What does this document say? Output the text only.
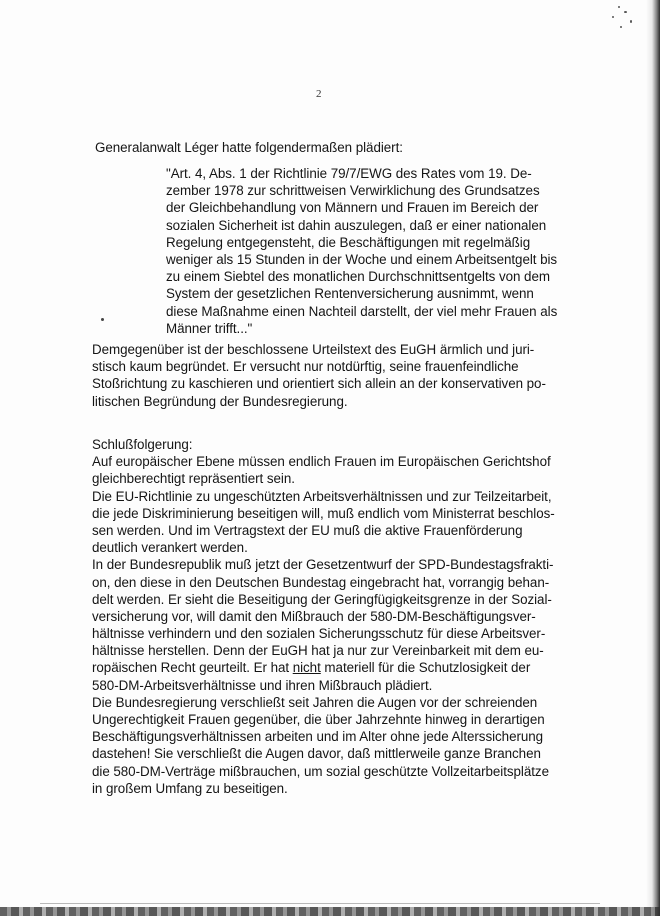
2
Generalanwalt Léger hatte folgendermaßen plädiert:
"Art. 4, Abs. 1 der Richtlinie 79/7/EWG des Rates vom 19. De-
zember 1978 zur schrittweisen Verwirklichung des Grundsatzes
der Gleichbehandlung von Männern und Frauen im Bereich der
sozialen Sicherheit ist dahin auszulegen, daß er einer nationalen
Regelung entgegensteht, die Beschäftigungen mit regelmäßig
weniger als 15 Stunden in der Woche und einem Arbeitsentgelt bis
zu einem Siebtel des monatlichen Durchschnittsentgelts von dem
System der gesetzlichen Rentenversicherung ausnimmt, wenn
diese Maßnahme einen Nachteil darstellt, der viel mehr Frauen als
Männer trifft..."
Demgegenüber ist der beschlossene Urteilstext des EuGH ärmlich und juri-
stisch kaum begründet. Er versucht nur notdürftig, seine frauenfeindliche
Stoßrichtung zu kaschieren und orientiert sich allein an der konservativen po-
litischen Begründung der Bundesregierung.
Schlußfolgerung:
Auf europäischer Ebene müssen endlich Frauen im Europäischen Gerichtshof
gleichberechtigt repräsentiert sein.
Die EU-Richtlinie zu ungeschützten Arbeitsverhältnissen und zur Teilzeitarbeit,
die jede Diskriminierung beseitigen will, muß endlich vom Ministerrat beschlos-
sen werden. Und im Vertragstext der EU muß die aktive Frauenförderung
deutlich verankert werden.
In der Bundesrepublik muß jetzt der Gesetzentwurf der SPD-Bundestagsfrakti-
on, den diese in den Deutschen Bundestag eingebracht hat, vorrangig behan-
delt werden. Er sieht die Beseitigung der Geringfügigkeitsgrenze in der Sozial-
versicherung vor, will damit den Mißbrauch der 580-DM-Beschäftigungsver-
hältnisse verhindern und den sozialen Sicherungsschutz für diese Arbeitsver-
hältnisse herstellen. Denn der EuGH hat ja nur zur Vereinbarkeit mit dem eu-
ropäischen Recht geurteilt. Er hat nicht materiell für die Schutzlosigkeit der
580-DM-Arbeitsverhältnisse und ihren Mißbrauch plädiert.
Die Bundesregierung verschließt seit Jahren die Augen vor der schreienden
Ungerechtigkeit Frauen gegenüber, die über Jahrzehnte hinweg in derartigen
Beschäftigungsverhältnissen arbeiten und im Alter ohne jede Alterssicherung
dastehen! Sie verschließt die Augen davor, daß mittlerweile ganze Branchen
die 580-DM-Verträge mißbrauchen, um sozial geschützte Vollzeitarbeitsplätze
in großem Umfang zu beseitigen.
